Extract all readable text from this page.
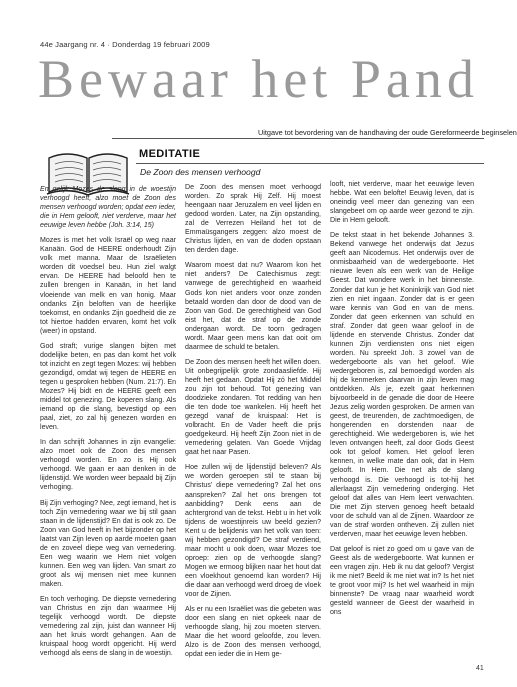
44e Jaargang nr. 4 · Donderdag 19 februari 2009
Bewaar het Pand
Uitgave tot bevordering van de handhaving der oude Gereformeerde beginselen
MEDITATIE
De Zoon des mensen verhoogd

En gelijk Mozes de slang in de woestijn verhoogd heeft, alzo moet de Zoon des mensen verhoogd worden; opdat een ieder, die in Hem gelooft, niet verderve, maar het eeuwige leven hebbe (Joh. 3:14, 15)

Mozes is met het volk Israël op weg naar Kanaän. God de HEERE onderhoudt Zijn volk met manna. Maar de Israëlieten worden dit voedsel beu. Hun ziel walgt ervan. De HEERE had beloofd hen te zullen brengen in Kanaän, in het land vloeiende van melk en van honig. Maar ondanks Zijn beloften van de heerlijke toekomst, en ondanks Zijn goedheid die ze tot hiertoe hadden ervaren, komt het volk (weer) in opstand.

God straft; vurige slangen bijten met dodelijke beten, en pas dan komt het volk tot inzicht en zegt tegen Mozes: wij hebben gezondigd, omdat wij tegen de HEERE en tegen u gesproken hebben (Num. 21:7). En Mozes? Hij bidt en de HEERE geeft een middel tot genezing. De koperen slang. Als iemand op die slang, bevestigd op een paal, ziet, zo zal hij genezen worden en leven.

In dan schrijft Johannes in zijn evangelie: alzo moet ook de Zoon des mensen verhoogd worden. En zo is Hij ook verhoogd. We gaan er aan denken in de lijdenstijd. We worden weer bepaald bij Zijn verhoging.

Bij Zijn verhoging? Nee, zegt iemand, het is toch Zijn vernedering waar we bij stil gaan staan in de lijdenstijd? En dat is ook zo. De Zoon van God heeft in het bijzonder op het laatst van Zijn leven op aarde moeten gaan de en zoveel diepe weg van vernedering. Een weg waarin we Hem niet volgen kunnen. Een weg van lijden. Van smart zo groot als wij mensen niet mee kunnen maken.

En toch verhoging. De diepste vernedering van Christus en zijn dan waarmee Hij tegelijk verhoogd wordt. De diepste vernedering zal zijn, juist dan wanneer Hij aan het kruis wordt gehangen. Aan de kruispaal hoog wordt opgericht. Hij werd verhoogd als eens de slang in de woestijn.

De Zoon des mensen moet verhoogd worden. Zo sprak Hij Zelf. Hij moest heengaan naar Jeruzalem en veel lijden en gedood worden. Later, na Zijn opstanding, zal de Verrezen Heiland het tot de Emmaüsgangers zeggen: alzo moest de Christus lijden, en van de doden opstaan ten derden dage.

Waarom moest dat nu? Waarom kon het niet anders? De Catechismus zegt: vanwege de gerechtigheid en waarheid Gods kon niet anders voor onze zonden betaald worden dan door de dood van de Zoon van God. De gerechtigheid van God eist het, dat de straf op de zonde ondergaan wordt. De toorn gedragen wordt. Maar geen mens kan dat ooit om daarmee de schuld te betalen.

De Zoon des mensen heeft het willen doen. Uit onbegrijpelijk grote zondaasliefde. Hij heeft het gedaan. Opdat Hij zó het Middel zou zijn tot behoud. Tot genezing van doodzieke zondaren. Tot redding van hen die ten dode toe wankelen. Hij heeft het gezegd vanaf de kruispaal: Het is volbracht. En de Vader heeft die prijs goedgekeurd. Hij heeft Zijn Zoon niet in de vernedering gelaten. Van Goede Vrijdag gaat het naar Pasen.

Hoe zullen wij de lijdenstijd beleven? Als we worden geroepen stil te staan bij Christus' diepe vernedering? Zal het ons aanspreken? Zal het ons brengen tot aanbidding? Denk eens aan de achtergrond van de tekst. Hebt u in het volk tijdens de woestijnreis uw beeld gezien? Kent u de belijdenis van het volk van toen: wij hebben gezondigd? De straf verdiend, maar mocht u ook doen, waar Mozes toe oproep: zien op de verhoogde slang? Mogen we ermoog blijken naar het hout dat een vloekhout genoemd kan worden? Hij die daar aan verhoogd werd droeg de vloek voor de Zijnen.

Als er nu een Israëliet was die gebeten was door een slang en niet opkeek naar de verhoogde slang, hij zou moeten sterven. Maar die het woord geloofde, zou leven. Alzo is de Zoon des mensen verhoogd, opdat een ieder die in Hem ge-

looft, niet verderve, maar het eeuwige leven hebbe. Wat een belofte! Eeuwig leven, dat is oneindig veel meer dan genezing van een slangebeet om op aarde weer gezond te zijn. Die in Hem gelooft.

De tekst staat in het bekende Johannes 3. Bekend vanwege het onderwijs dat Jezus geeft aan Nicodemus. Het onderwijs over de onmisbaarheid van de wedergeboorte. Het nieuwe leven als een werk van de Heilige Geest. Dat wondere werk in het binnenste. Zonder dat kun je het Koninkrijk van God niet zien en niet ingaan. Zonder dat is er geen ware kennis van God en van de mens. Zonder dat geen erkennen van schuld en straf. Zonder dat geen waar geloof in de lijdende en stervende Christus. Zonder dat kunnen Zijn verdiensten ons niet eigen worden. Nu spreekt Joh. 3 zowel van de wedergeboorte als van het geloof. Wie wedergeboren is, zal bemoedigd worden als hij de kenmerken daarvan in zijn leven mag ontdekken. Als je, ezelt gaat herkennen bijvoorbeeld in de genade die door de Heere Jezus zelig worden gesproken. De armen van geest, de treurenden, de zachtmoedigen, de hongerenden en dorstenden naar de gerechtigheid. Wie wedergeboren is, wie het leven ontvangen heeft, zal door Gods Geest ook tot geloof komen. Het geloof leren kennen, in welke mate dan ook, dat in Hem gelooft. In Hem. Die net als de slang verhoogd is. Die verhoogd is tot-hij het allerlaagst Zijn vernedering onderging. Het geloof dat alles van Hem leert verwachten. Die met Zijn sterven genoeg heeft betaald voor de schuld van al de Zijnen. Waardoor ze van de straf worden ontheven. Zij zullen niet verderven, maar het eeuwige leven hebben.

Dat geloof is niet zo goed om u gave van de Geest als de wedergeboorte. Wat kunnen er een vragen zijn. Heb ik nu dat geloof? Vergist ik me niet? Beeld ik me niet wat in? Is het niet te groot voor mij? Is het wel waarheid in mijn binnenste? De vraag naar waarheid wordt gesteld wanneer de Geest der waarheid in ons

41
